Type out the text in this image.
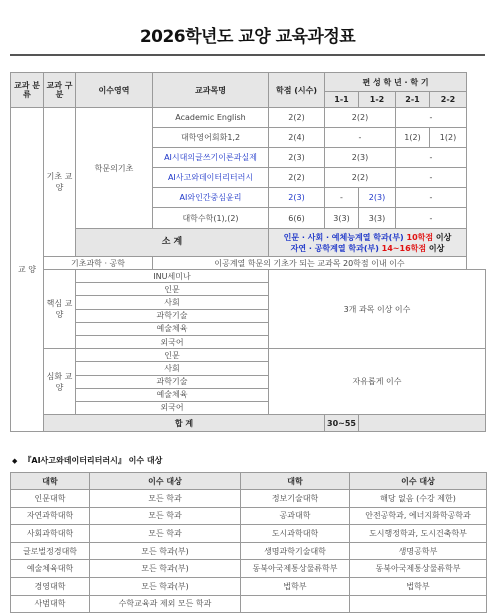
2026학년도 교양 교육과정표
교과 분류	교과 구분	이수영역	교과목명	학점 (시수)	편 성 학 년 · 학 기			
					1-1	1-2	2-1	2-2
교 양	기초 교양	학문의기초	Academic English	2(2)	2(2)		-	
			대학영어회화1,2	2(4)	-		1(2)	1(2)
			AI시대의글쓰기이론과실제	2(3)	2(3)		-	
			AI사고와데이터리터러시	2(2)	2(2)		-	
			AI와인간중심윤리	2(3)	-	2(3)	-	
			대학수학(1),(2)	6(6)	3(3)	3(3)	-	
		소 계		인문 · 사회 · 예체능계열 학과(부) 10학점 이상
자연 · 공학계열 학과(부) 14~16학점 이상				

	기초과학 · 공학		이공계열 학문의 기초가 되는 교과목 20학점 이내 이수					
	핵심 교양	INU세미나		3개 과목 이상 이수				
		인문						
		사회						
		과학기술						
		예술체육						
		외국어						
	심화 교양	인문		자유롭게 이수				
		사회						
		과학기술						
		예술체육						
		외국어						
	합 계				30~55			
◆ 『AI사고와데이터리터러시』 이수 대상
대학	이수 대상	대학	이수 대상
인문대학	모든 학과	정보기술대학	해당 없음 (수강 제한)
자연과학대학	모든 학과	공과대학	안전공학과, 에너지화학공학과
사회과학대학	모든 학과	도시과학대학	도시행정학과, 도시건축학부
글로벌정경대학	모든 학과(부)	생명과학기술대학	생명공학부
예술체육대학	모든 학과(부)	동북아국제통상물류학부	동북아국제통상물류학부
경영대학	모든 학과(부)	법학부	법학부
사범대학	수학교육과 제외 모든 학과		
